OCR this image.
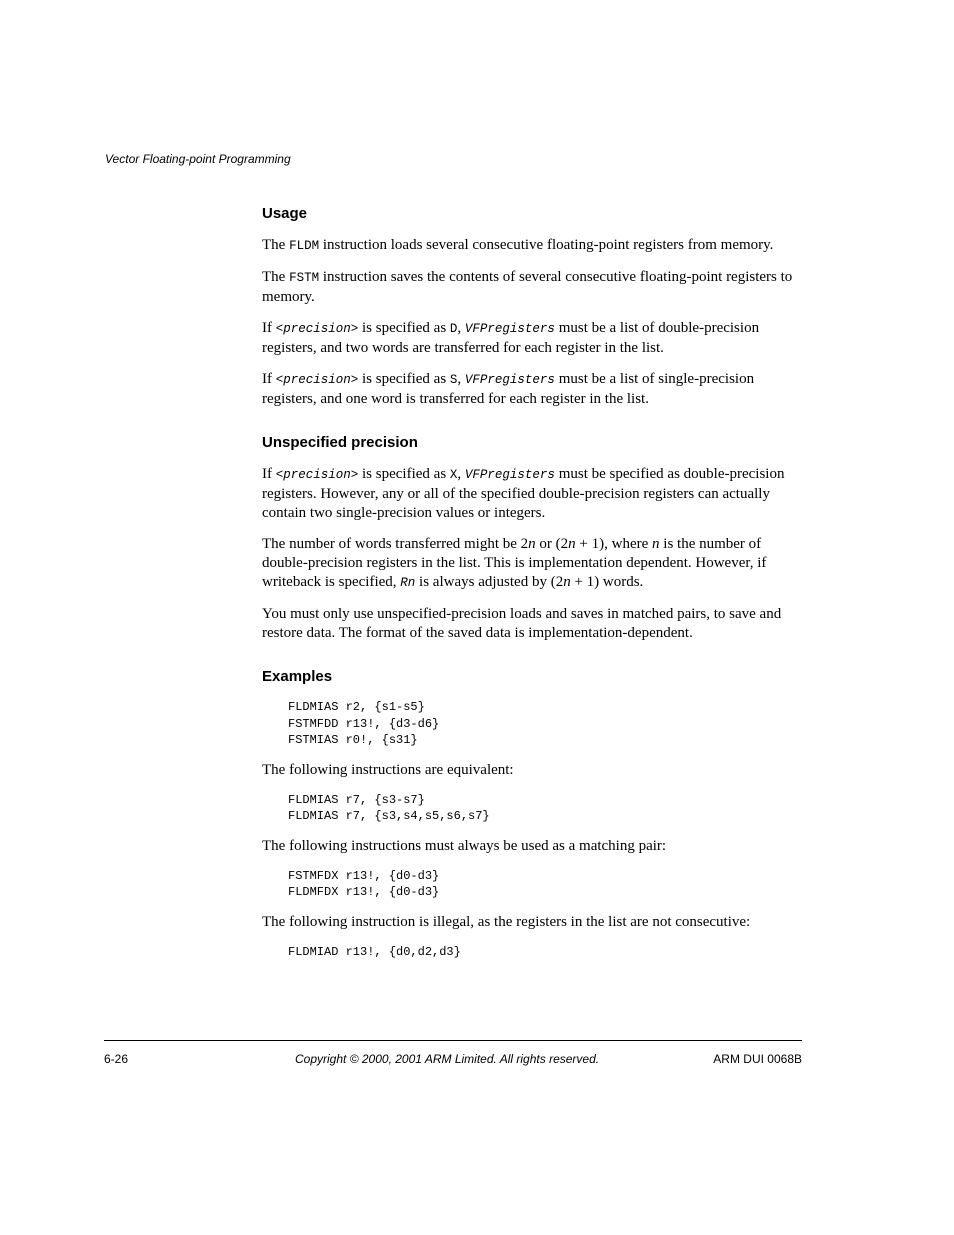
Vector Floating-point Programming
Usage

The FLDM instruction loads several consecutive floating-point registers from memory.

The FSTM instruction saves the contents of several consecutive floating-point registers to memory.

If <precision> is specified as D, VFPregisters must be a list of double-precision registers, and two words are transferred for each register in the list.

If <precision> is specified as S, VFPregisters must be a list of single-precision registers, and one word is transferred for each register in the list.

Unspecified precision

If <precision> is specified as X, VFPregisters must be specified as double-precision registers. However, any or all of the specified double-precision registers can actually contain two single-precision values or integers.

The number of words transferred might be 2n or (2n + 1), where n is the number of double-precision registers in the list. This is implementation dependent. However, if writeback is specified, Rn is always adjusted by (2n + 1) words.

You must only use unspecified-precision loads and saves in matched pairs, to save and restore data. The format of the saved data is implementation-dependent.

Examples
FLDMIAS r2, {s1-s5}
FSTMFDD r13!, {d3-d6}
FSTMIAS r0!, {s31}

The following instructions are equivalent:

FLDMIAS r7, {s3-s7}
FLDMIAS r7, {s3,s4,s5,s6,s7}

The following instructions must always be used as a matching pair:

FSTMFDX r13!, {d0-d3}
FLDMFDX r13!, {d0-d3}

The following instruction is illegal, as the registers in the list are not consecutive:

FLDMIAD r13!, {d0,d2,d3}
6-26	Copyright © 2000, 2001 ARM Limited. All rights reserved.	ARM DUI 0068B
